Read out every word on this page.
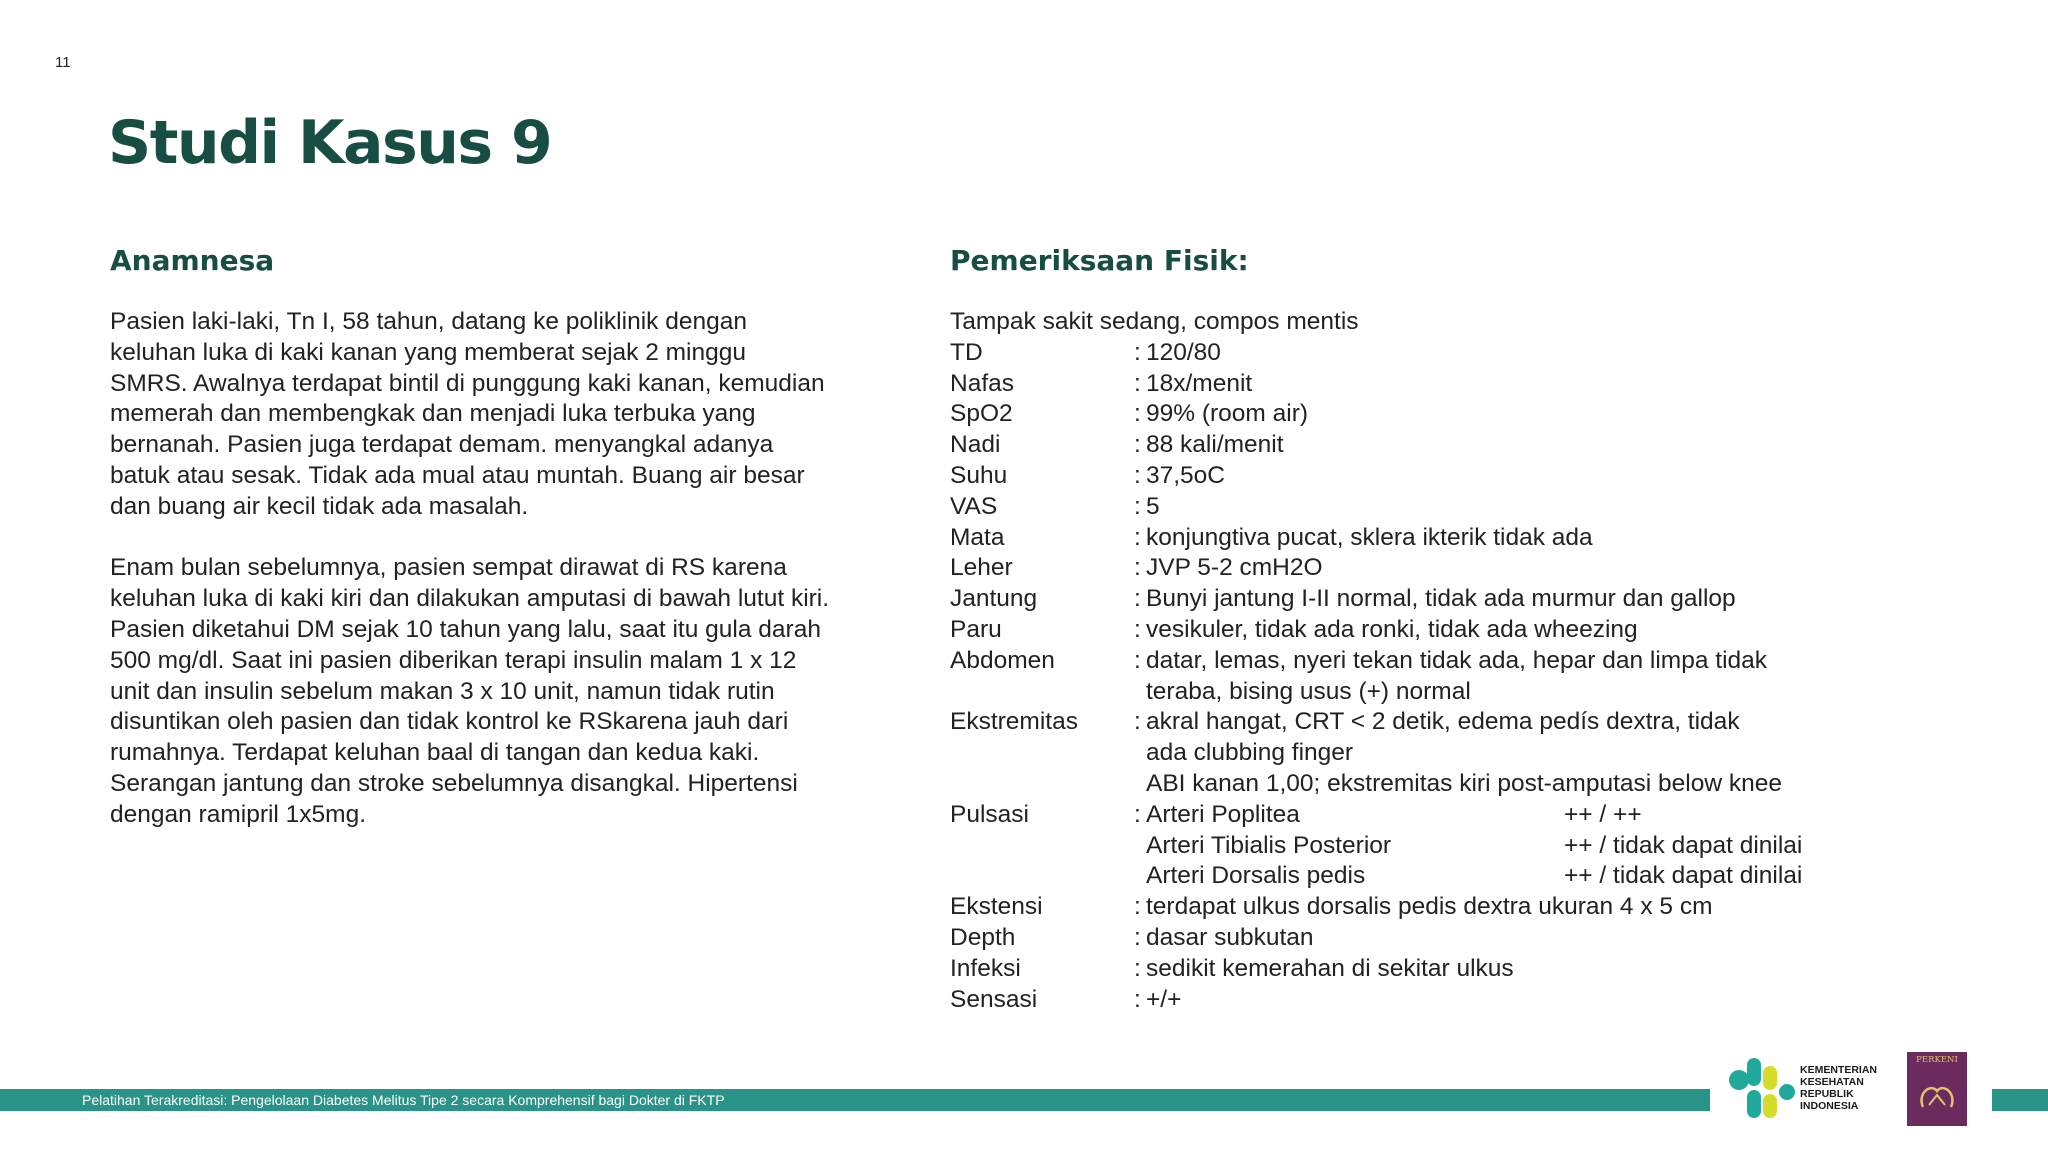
11
Studi Kasus 9
Anamnesa

Pasien laki-laki, Tn I, 58 tahun, datang ke poliklinik dengan keluhan luka di kaki kanan yang memberat sejak 2 minggu SMRS. Awalnya terdapat bintil di punggung kaki kanan, kemudian memerah dan membengkak dan menjadi luka terbuka yang bernanah. Pasien juga terdapat demam. menyangkal adanya batuk atau sesak. Tidak ada mual atau muntah. Buang air besar dan buang air kecil tidak ada masalah.

Enam bulan sebelumnya, pasien sempat dirawat di RS karena keluhan luka di kaki kiri dan dilakukan amputasi di bawah lutut kiri. Pasien diketahui DM sejak 10 tahun yang lalu, saat itu gula darah 500 mg/dl. Saat ini pasien diberikan terapi insulin malam 1 x 12 unit dan insulin sebelum makan 3 x 10 unit, namun tidak rutin disuntikan oleh pasien dan tidak kontrol ke RSkarena jauh dari rumahnya. Terdapat keluhan baal di tangan dan kedua kaki. Serangan jantung dan stroke sebelumnya disangkal. Hipertensi dengan ramipril 1x5mg.

Pemeriksaan Fisik:
Tampak sakit sedang, compos mentis
TD	: 120/80
Nafas	: 18x/menit
SpO2	: 99% (room air)
Nadi	: 88 kali/menit
Suhu	: 37,5oC
VAS	: 5
Mata	: konjungtiva pucat, sklera ikterik tidak ada
Leher	: JVP 5-2 cmH2O
Jantung	: Bunyi jantung I-II normal, tidak ada murmur dan gallop
Paru	: vesikuler, tidak ada ronki, tidak ada wheezing
Abdomen	: datar, lemas, nyeri tekan tidak ada, hepar dan limpa tidak
teraba, bising usus (+) normal
Ekstremitas	: akral hangat, CRT < 2 detik, edema pedís dextra, tidak
ada clubbing finger
ABI kanan 1,00; ekstremitas kiri post-amputasi below knee
Pulsasi	: Arteri Poplitea	++ / ++
Arteri Tibialis Posterior	++ / tidak dapat dinilai
Arteri Dorsalis pedis	++ / tidak dapat dinilai
Ekstensi	: terdapat ulkus dorsalis pedis dextra ukuran 4 x 5 cm
Depth	: dasar subkutan
Infeksi	: sedikit kemerahan di sekitar ulkus
Sensasi	: +/+
Pelatihan Terakreditasi: Pengelolaan Diabetes Melitus Tipe 2 secara Komprehensif bagi Dokter di FKTP
KEMENTERIAN
KESEHATAN
REPUBLIK
INDONESIA
PERKENI
